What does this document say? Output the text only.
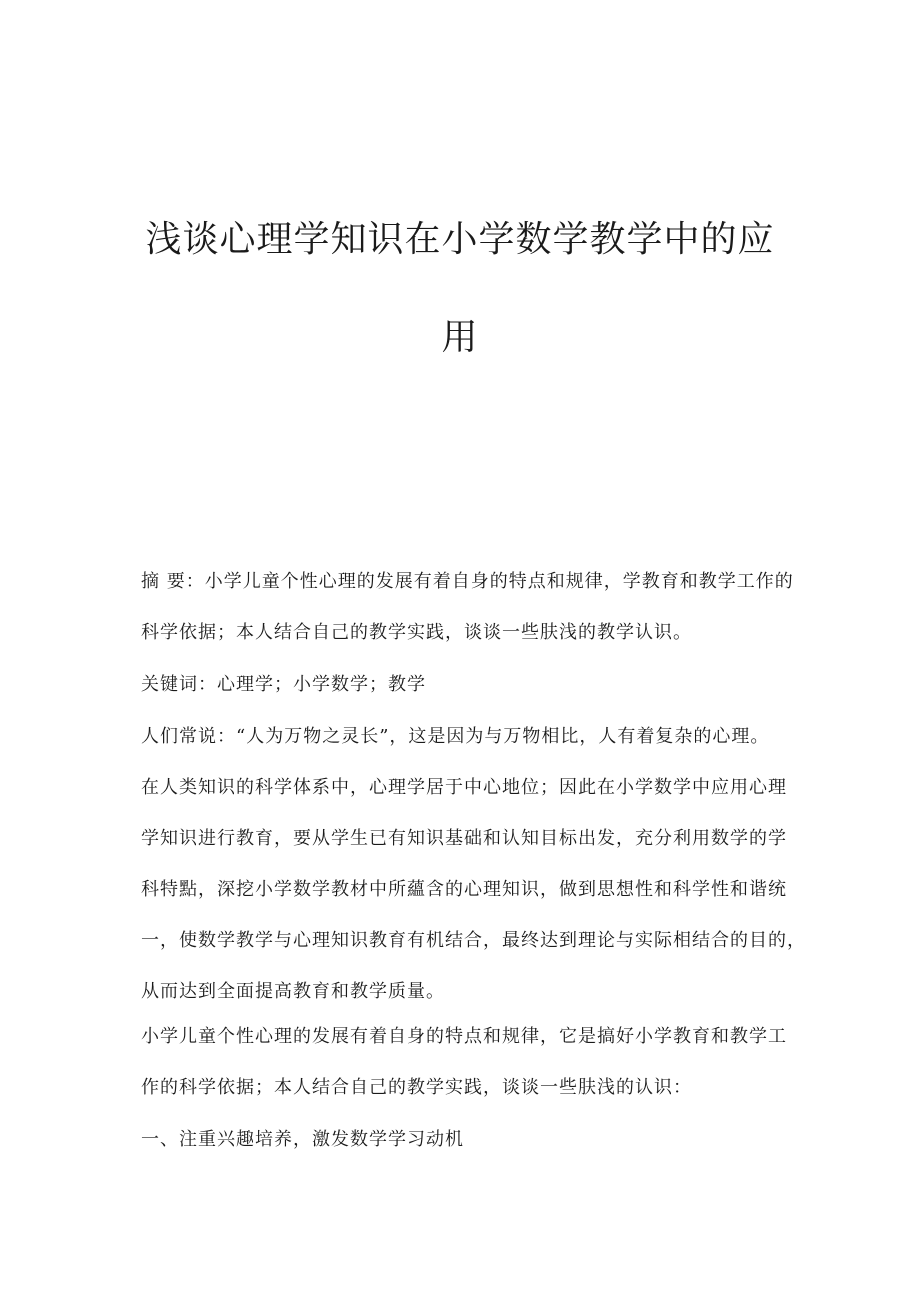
浅谈心理学知识在小学数学教学中的应
用
摘 要：小学儿童个性心理的发展有着自身的特点和规律，学教育和教学工作的
科学依据；本人结合自己的教学实践，谈谈一些肤浅的教学认识。
关键词：心理学；小学数学；教学
人们常说：“人为万物之灵长”，这是因为与万物相比，人有着复杂的心理。
在人类知识的科学体系中，心理学居于中心地位；因此在小学数学中应用心理
学知识进行教育，要从学生已有知识基础和认知目标出发，充分利用数学的学
科特點，深挖小学数学教材中所蘊含的心理知识，做到思想性和科学性和谐统
一，使数学教学与心理知识教育有机结合，最终达到理论与实际相结合的目的，
从而达到全面提高教育和教学质量。
小学儿童个性心理的发展有着自身的特点和规律，它是搞好小学教育和教学工
作的科学依据；本人结合自己的教学实践，谈谈一些肤浅的认识：
一、注重兴趣培养，激发数学学习动机
